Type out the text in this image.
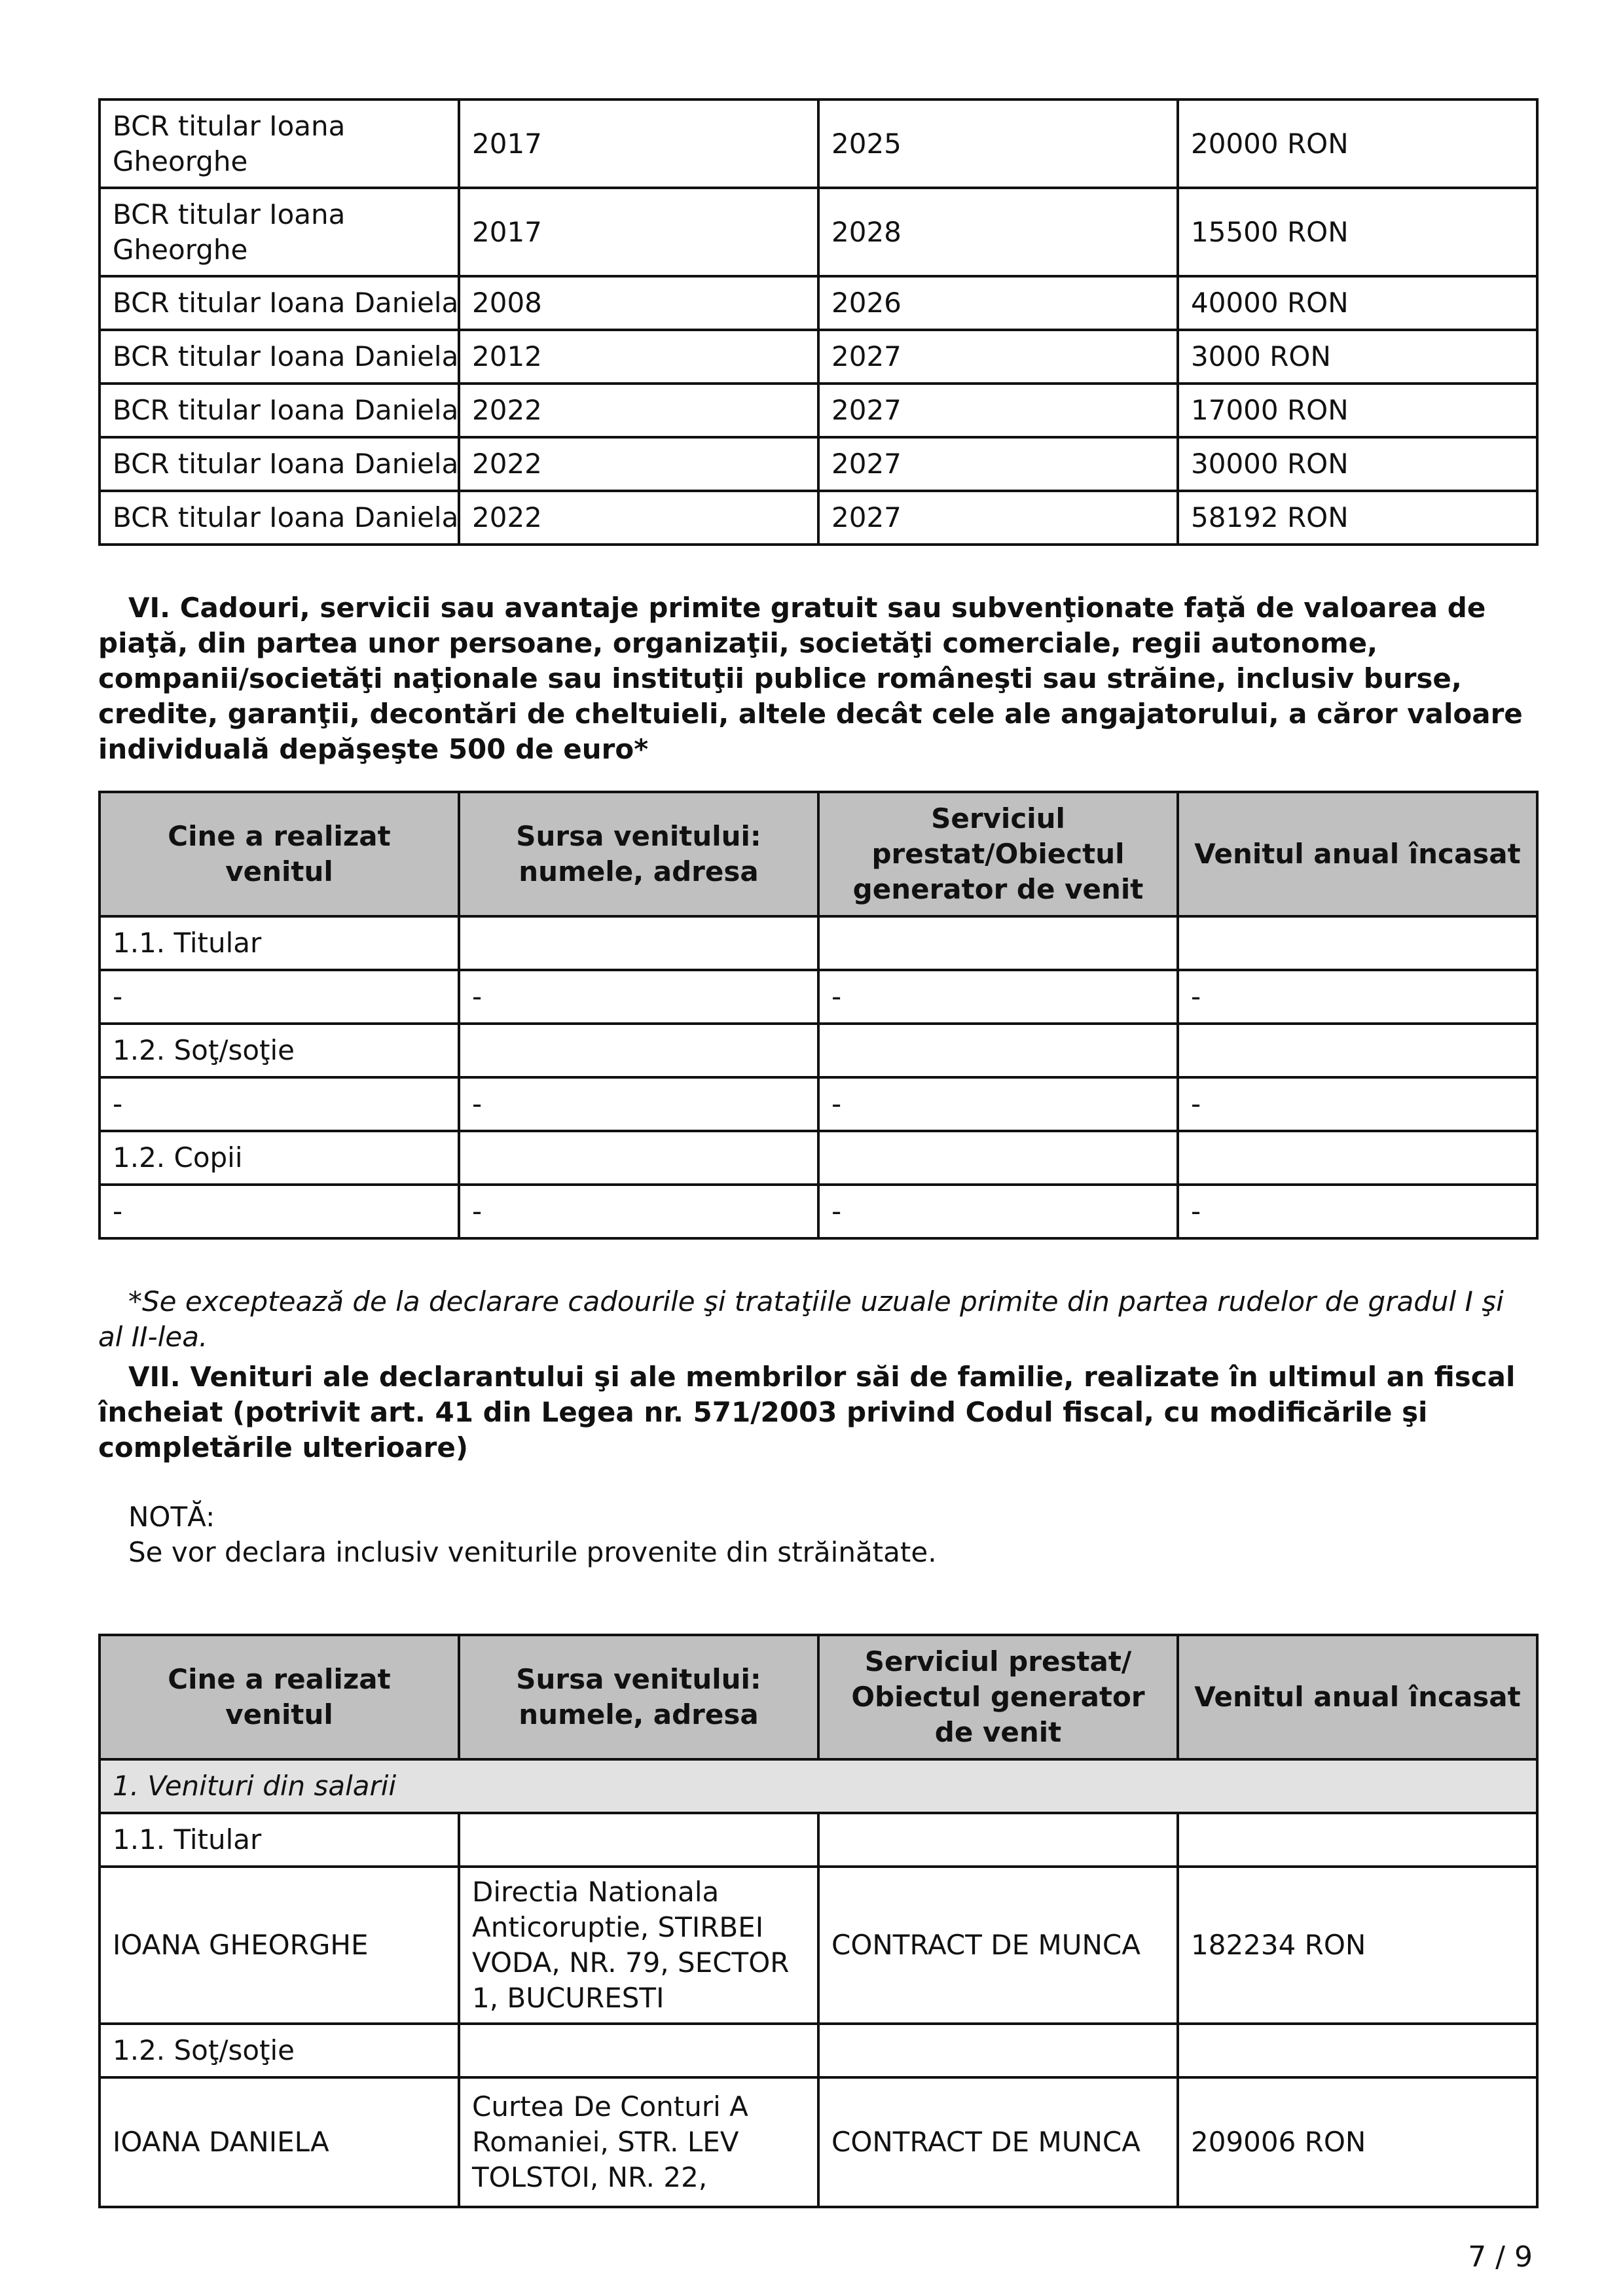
BCR titular Ioana Gheorghe	2017	2025	20000 RON
BCR titular Ioana Gheorghe	2017	2028	15500 RON
BCR titular Ioana Daniela	2008	2026	40000 RON
BCR titular Ioana Daniela	2012	2027	3000 RON
BCR titular Ioana Daniela	2022	2027	17000 RON
BCR titular Ioana Daniela	2022	2027	30000 RON
BCR titular Ioana Daniela	2022	2027	58192 RON
VI. Cadouri, servicii sau avantaje primite gratuit sau subvenţionate faţă de valoarea de piaţă, din partea unor persoane, organizaţii, societăţi comerciale, regii autonome, companii/societăţi naţionale sau instituţii publice româneşti sau străine, inclusiv burse, credite, garanţii, decontări de cheltuieli, altele decât cele ale angajatorului, a căror valoare individuală depăşeşte 500 de euro*
Cine a realizat venitul	Sursa venitului: numele, adresa	Serviciul prestat/Obiectul generator de venit	Venitul anual încasat
1.1. Titular			
-	-	-	-
1.2. Soţ/soţie			
-	-	-	-
1.2. Copii			
-	-	-	-
*Se exceptează de la declarare cadourile şi trataţiile uzuale primite din partea rudelor de gradul I şi al II-lea.
VII. Venituri ale declarantului şi ale membrilor săi de familie, realizate în ultimul an fiscal încheiat (potrivit art. 41 din Legea nr. 571/2003 privind Codul fiscal, cu modificările şi completările ulterioare)
NOTĂ:
Se vor declara inclusiv veniturile provenite din străinătate.
Cine a realizat venitul	Sursa venitului: numele, adresa	Serviciul prestat/ Obiectul generator de venit	Venitul anual încasat
1. Venituri din salarii			
1.1. Titular			
IOANA GHEORGHE	Directia Nationala Anticoruptie, STIRBEI VODA, NR. 79, SECTOR 1, BUCURESTI	CONTRACT DE MUNCA	182234 RON
1.2. Soţ/soţie			
IOANA DANIELA	Curtea De Conturi A Romaniei, STR. LEV TOLSTOI, NR. 22,	CONTRACT DE MUNCA	209006 RON
7 / 9
